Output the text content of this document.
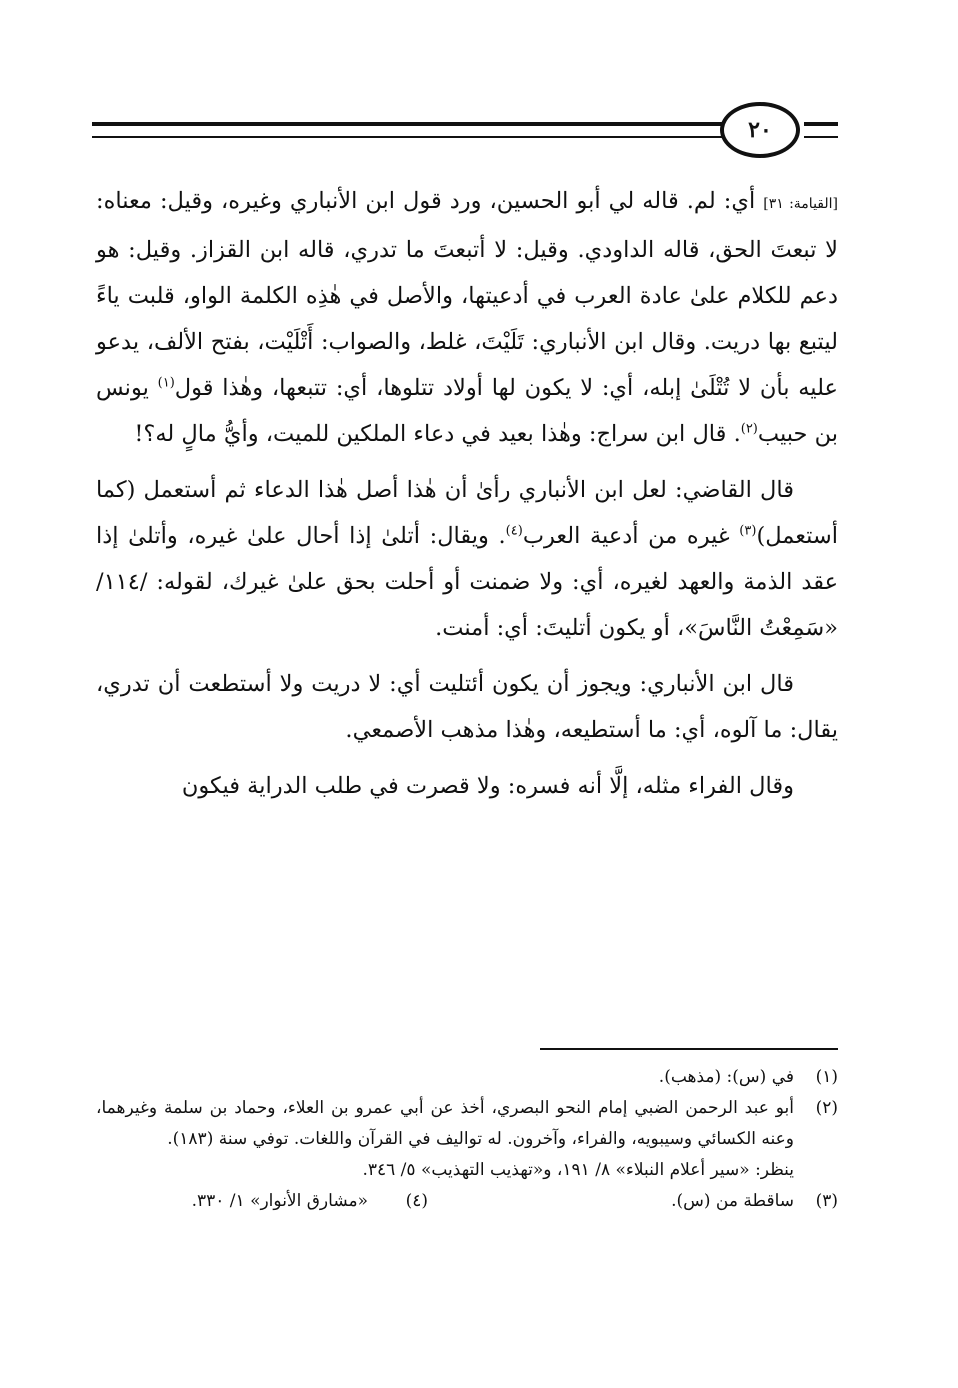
٢٠

[القيامة: ٣١] أي: لم. قاله لي أبو الحسين، ورد قول ابن الأنباري وغيره، وقيل: معناه: لا تبعتَ الحق، قاله الداودي. وقيل: لا أتبعتَ ما تدري، قاله ابن القزاز. وقيل: هو دعم للكلام علىٰ عادة العرب في أدعيتها، والأصل في هٰذِه الكلمة الواو، قلبت ياءً ليتبع بها دريت. وقال ابن الأنباري: تَلَيْتَ، غلط، والصواب: أَتْلَيْت، بفتح الألف، يدعو عليه بأن لا تُتْلَىٰ إبله، أي: لا يكون لها أولاد تتلوها، أي: تتبعها، وهٰذا قول$^{(١)}$ يونس بن حبيب$^{(٢)}$. قال ابن سراج: وهٰذا بعيد في دعاء الملكين للميت، وأيُّ مالٍ له؟!

قال القاضي: لعل ابن الأنباري رأىٰ أن هٰذا أصل هٰذا الدعاء ثم أستعمل (كما أستعمل)$^{(٣)}$ غيره من أدعية العرب$^{(٤)}$. ويقال: أتلىٰ إذا أحال علىٰ غيره، وأتلىٰ إذا عقد الذمة والعهد لغيره، أي: ولا ضمنت أو أحلت بحق علىٰ غيرك، لقوله: /١١٤/ «سَمِعْتُ النَّاسَ»، أو يكون أتليتَ: أي: أمنت.

قال ابن الأنباري: ويجوز أن يكون أئتليت أي: لا دريت ولا أستطعت أن تدري، يقال: ما آلوه، أي: ما أستطيعه، وهٰذا مذهب الأصمعي.

وقال الفراء مثله، إلَّا أنه فسره: ولا قصرت في طلب الدراية فيكون

(١)
في (س): (مذهب).
(٢)
أبو عبد الرحمن الضبي إمام النحو البصري، أخذ عن أبي عمرو بن العلاء، وحماد بن سلمة وغيرهما، وعنه الكسائي وسيبويه، والفراء، وآخرون. له تواليف في القرآن واللغات. توفي سنة (١٨٣).
ينظر: «سير أعلام النبلاء» ٨/ ١٩١، و«تهذيب التهذيب» ٥/ ٣٤٦.
(٣)
ساقطة من (س).
(٤)
«مشارق الأنوار» ١/ ٣٣٠.
